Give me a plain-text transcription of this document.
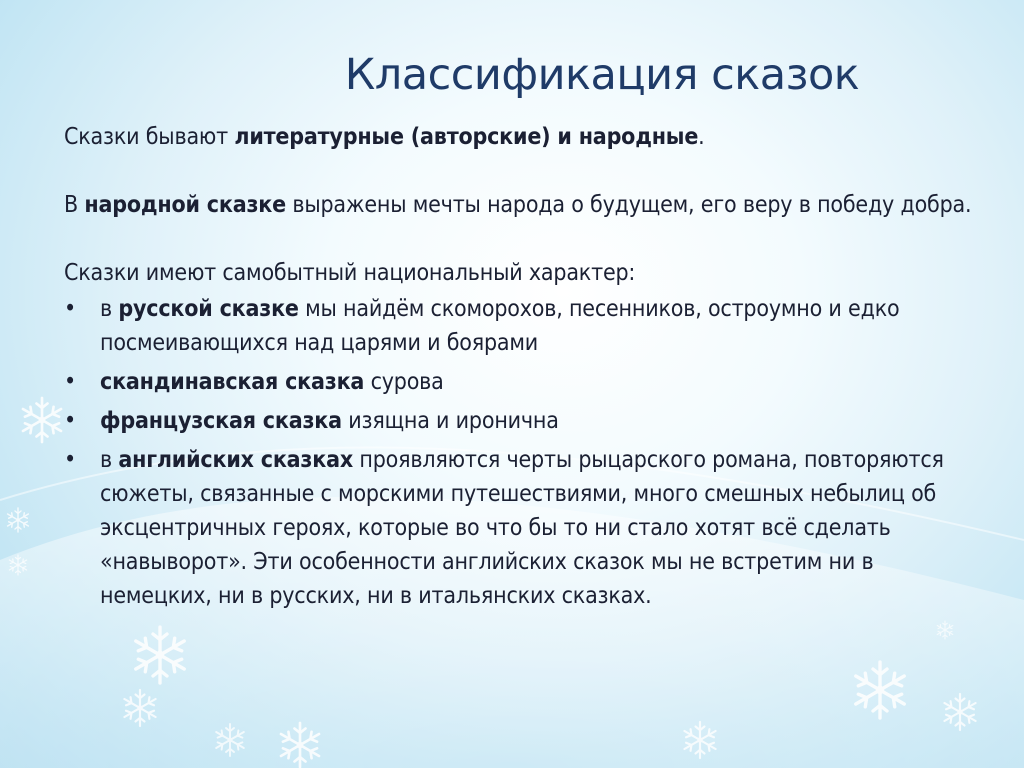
Классификация сказок

Сказки бывают литературные (авторские) и народные.

В народной сказке выражены мечты народа о будущем, его веру в победу добра.

Сказки имеют самобытный национальный характер:

•	в русской сказке мы найдём скоморохов, песенников, остроумно и едко посмеивающихся над царями и боярами
•	скандинавская сказка сурова
•	французская сказка изящна и иронична
•	в английских сказках проявляются черты рыцарского романа, повторяются сюжеты, связанные с морскими путешествиями, много смешных небылиц об эксцентричных героях, которые во что бы то ни стало хотят всё сделать «навыворот». Эти особенности английских сказок мы не встретим ни в немецких, ни в русских, ни в итальянских сказках.
